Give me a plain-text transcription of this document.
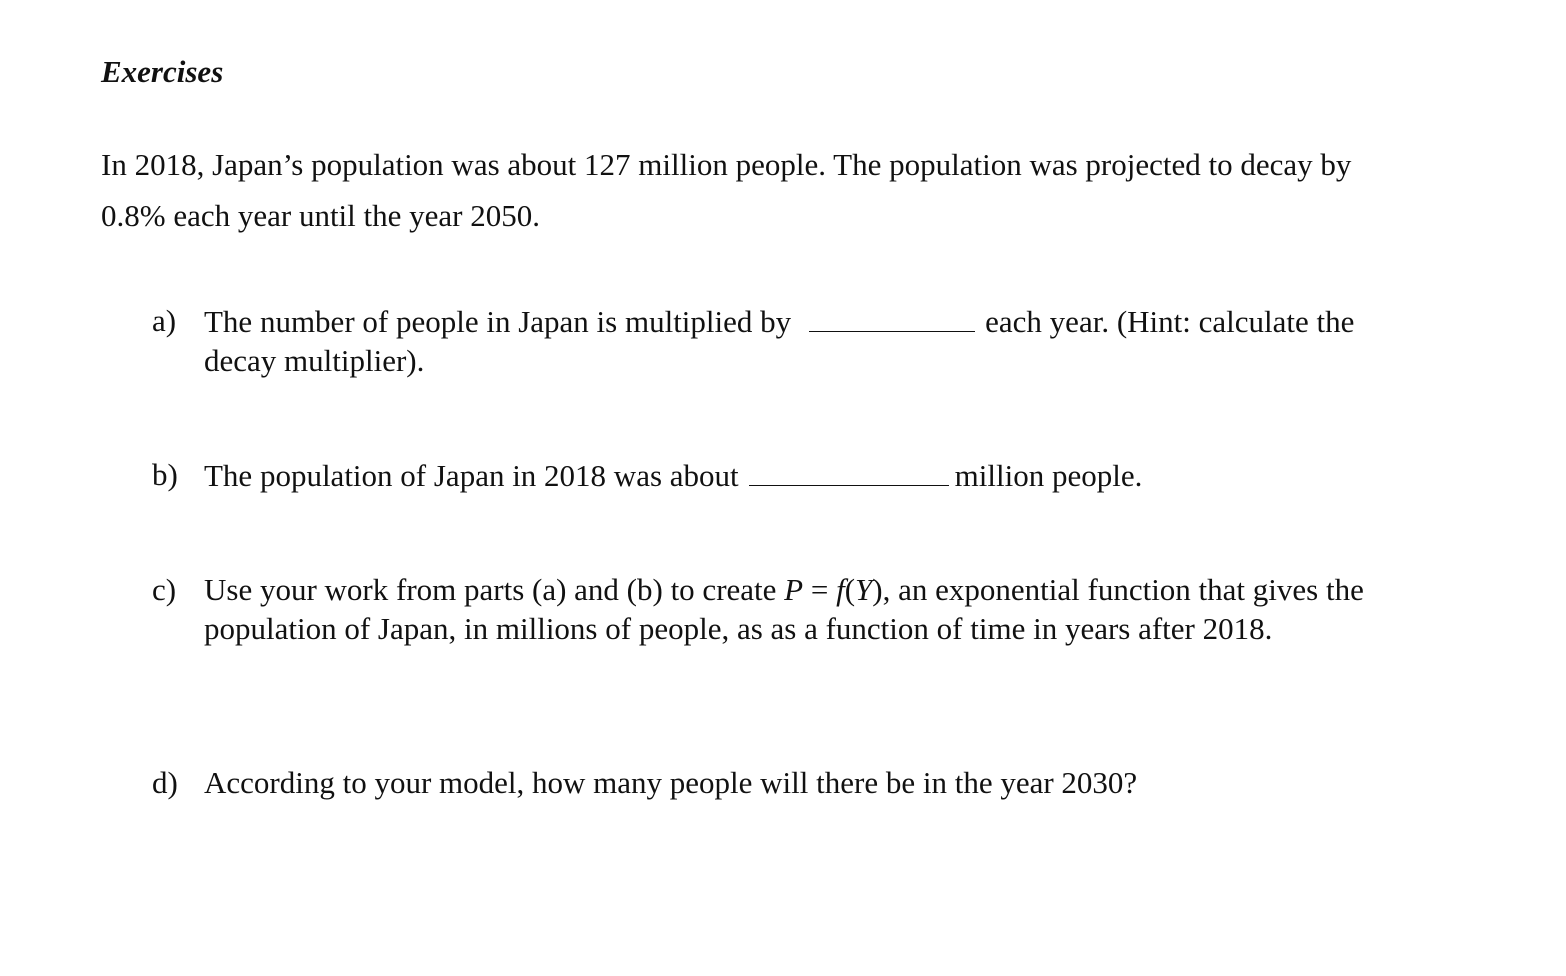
Exercises
In 2018, Japan’s population was about 127 million people. The population was projected to decay by
0.8% each year until the year 2050.
a) The number of people in Japan is multiplied by	each year. (Hint: calculate the
decay multiplier).
b) The population of Japan in 2018 was about	million people.
c) Use your work from parts (a) and (b) to create P = f(Y), an exponential function that gives the
population of Japan, in millions of people, as as a function of time in years after 2018.
d) According to your model, how many people will there be in the year 2030?
